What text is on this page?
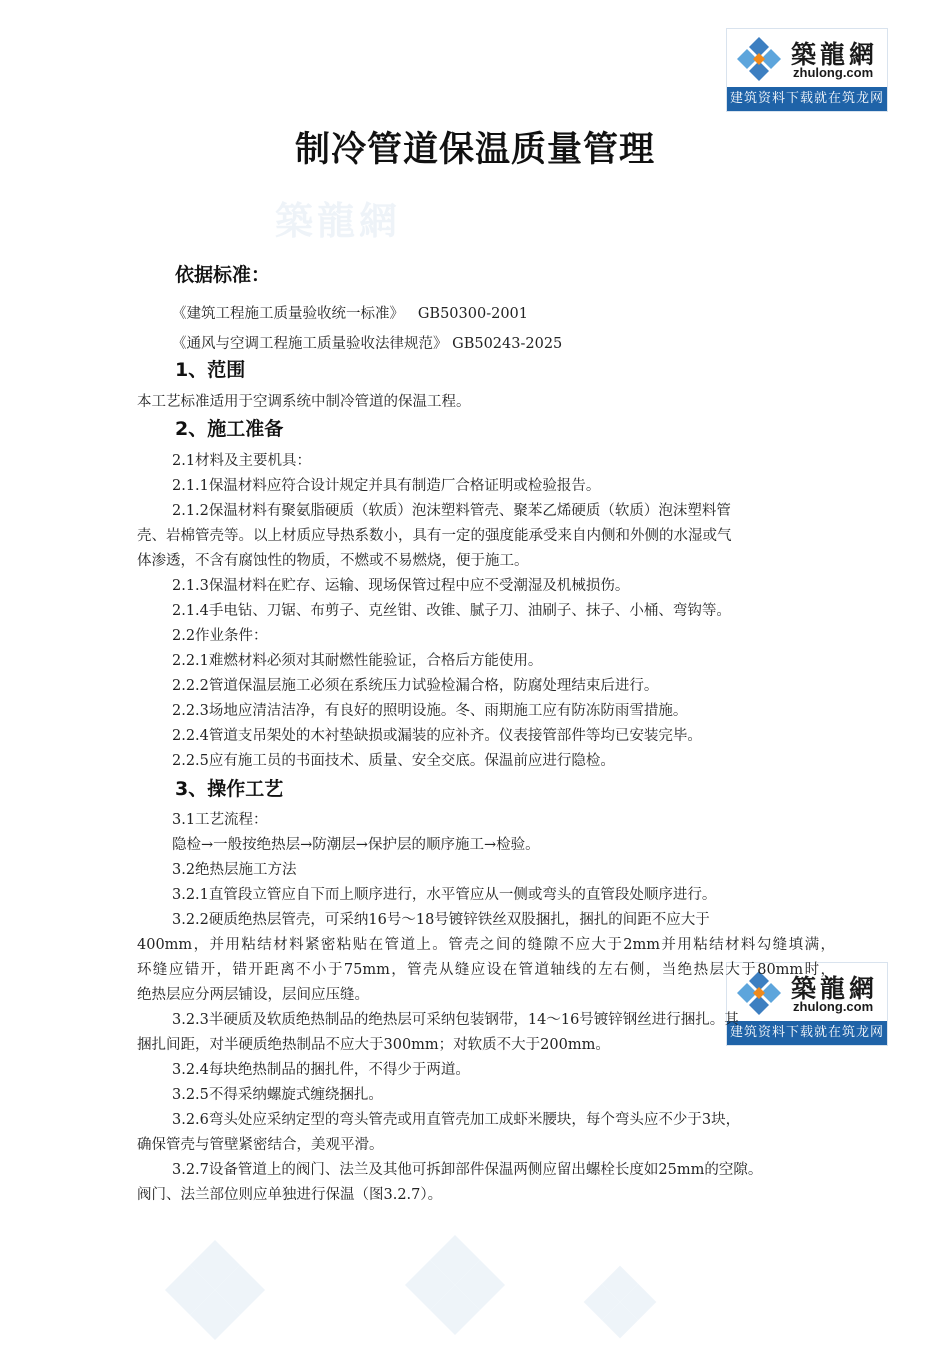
築龍網
築龍網
zhulong.com
建筑资料下载就在筑龙网
築龍網
zhulong.com
建筑资料下载就在筑龙网
制冷管道保温质量管理
依据标准：
《建筑工程施工质量验收统一标准》   GB50300-2001
《通风与空调工程施工质量验收法律规范》 GB50243-2025
1、范围
本工艺标准适用于空调系统中制冷管道的保温工程。
2、施工准备
2.1材料及主要机具：
2.1.1保温材料应符合设计规定并具有制造厂合格证明或检验报告。
2.1.2保温材料有聚氨脂硬质（软质）泡沫塑料管壳、聚苯乙烯硬质（软质）泡沫塑料管
壳、岩棉管壳等。以上材质应导热系数小，具有一定的强度能承受来自内侧和外侧的水湿或气
体渗透，不含有腐蚀性的物质，不燃或不易燃烧，便于施工。
2.1.3保温材料在贮存、运输、现场保管过程中应不受潮湿及机械损伤。
2.1.4手电钻、刀锯、布剪子、克丝钳、改锥、腻子刀、油刷子、抹子、小桶、弯钩等。
2.2作业条件：
2.2.1难燃材料必须对其耐燃性能验证，合格后方能使用。
2.2.2管道保温层施工必须在系统压力试验检漏合格，防腐处理结束后进行。
2.2.3场地应清洁洁净，有良好的照明设施。冬、雨期施工应有防冻防雨雪措施。
2.2.4管道支吊架处的木衬垫缺损或漏装的应补齐。仪表接管部件等均已安装完毕。
2.2.5应有施工员的书面技术、质量、安全交底。保温前应进行隐检。
3、操作工艺
3.1工艺流程：
隐检→一般按绝热层→防潮层→保护层的顺序施工→检验。
3.2绝热层施工方法
3.2.1直管段立管应自下而上顺序进行，水平管应从一侧或弯头的直管段处顺序进行。
3.2.2硬质绝热层管壳，可采纳16号～18号镀锌铁丝双股捆扎，捆扎的间距不应大于
400mm，并用粘结材料紧密粘贴在管道上。管壳之间的缝隙不应大于2mm并用粘结材料勾缝填满，
环缝应错开，错开距离不小于75mm，管壳从缝应设在管道轴线的左右侧，当绝热层大于80mm时，
绝热层应分两层铺设，层间应压缝。
3.2.3半硬质及软质绝热制品的绝热层可采纳包装钢带，14～16号镀锌钢丝进行捆扎。其
捆扎间距，对半硬质绝热制品不应大于300mm；对软质不大于200mm。
3.2.4每块绝热制品的捆扎件，不得少于两道。
3.2.5不得采纳螺旋式缠绕捆扎。
3.2.6弯头处应采纳定型的弯头管壳或用直管壳加工成虾米腰块，每个弯头应不少于3块，
确保管壳与管壁紧密结合，美观平滑。
3.2.7设备管道上的阀门、法兰及其他可拆卸部件保温两侧应留出螺栓长度如25mm的空隙。
阀门、法兰部位则应单独进行保温（图3.2.7）。
